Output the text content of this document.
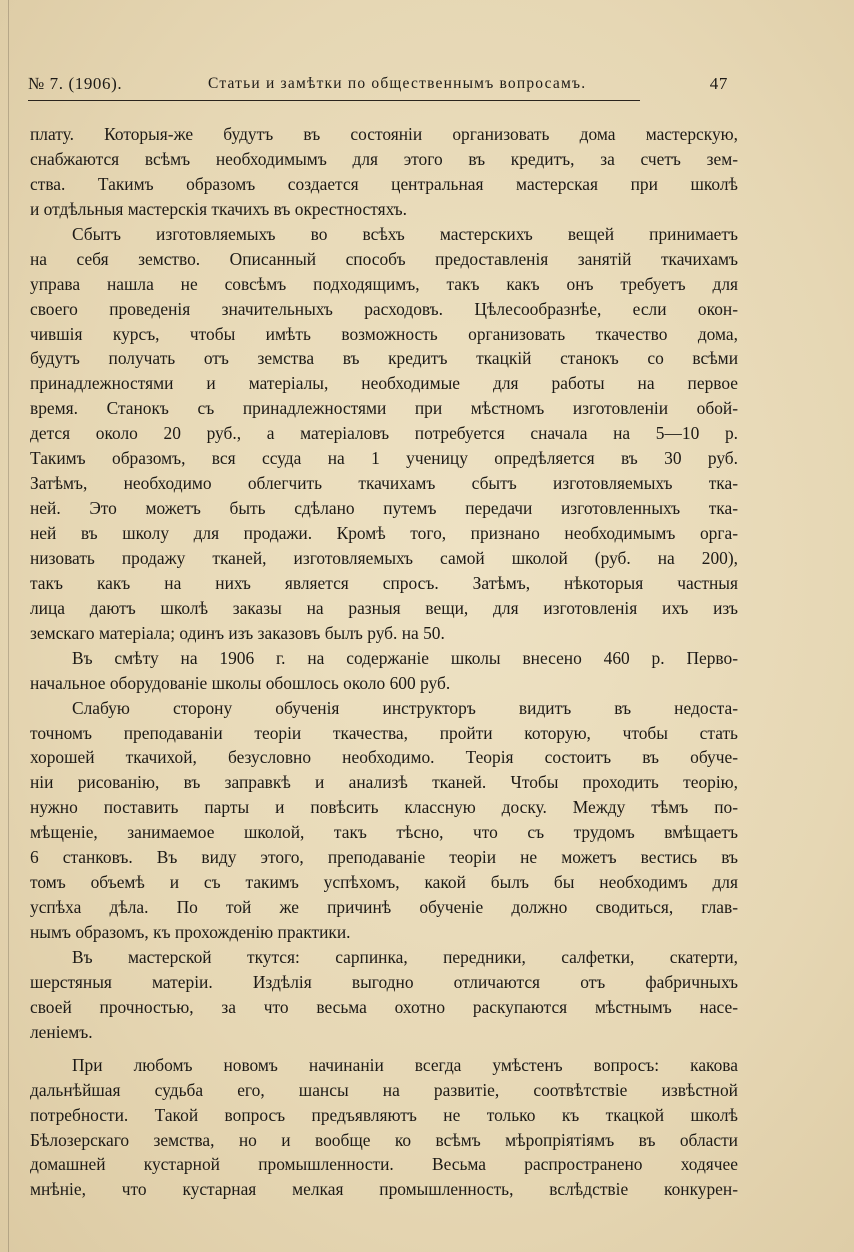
№ 7. (1906).	Статьи и замѣтки по общественнымъ вопросамъ.	47
плату. Которыя-же будутъ въ состоянiи организовать дома мастерскую,
снабжаются всѣмъ необходимымъ для этого въ кредитъ, за счетъ зем-
ства. Такимъ образомъ создается центральная мастерская при школѣ
и отдѣльныя мастерскiя ткачихъ въ окрестностяхъ.
Сбытъ изготовляемыхъ во всѣхъ мастерскихъ вещей принимаетъ
на себя земство. Описанный способъ предоставленiя занятiй ткачихамъ
управа нашла не совсѣмъ подходящимъ, такъ какъ онъ требуетъ для
своего проведенiя значительныхъ расходовъ. Цѣлесообразнѣе, если окон-
чившiя курсъ, чтобы имѣть возможность организовать ткачество дома,
будутъ получать отъ земства въ кредитъ ткацкiй станокъ со всѣми
принадлежностями и матерiалы, необходимые для работы на первое
время. Станокъ съ принадлежностями при мѣстномъ изготовленiи обой-
дется около 20 руб., а матерiаловъ потребуется сначала на 5—10 р.
Такимъ образомъ, вся ссуда на 1 ученицу опредѣляется въ 30 руб.
Затѣмъ, необходимо облегчить ткачихамъ сбытъ изготовляемыхъ тка-
ней. Это можетъ быть сдѣлано путемъ передачи изготовленныхъ тка-
ней въ школу для продажи. Кромѣ того, признано необходимымъ орга-
низовать продажу тканей, изготовляемыхъ самой школой (руб. на 200),
такъ какъ на нихъ является спросъ. Затѣмъ, нѣкоторыя частныя
лица даютъ школѣ заказы на разныя вещи, для изготовленiя ихъ изъ
земскаго матерiала; одинъ изъ заказовъ былъ руб. на 50.
Въ смѣту на 1906 г. на содержанiе школы внесено 460 р. Перво-
начальное оборудованiе школы обошлось около 600 руб.
Слабую сторону обученiя инструкторъ видитъ въ недоста-
точномъ преподаванiи теорiи ткачества, пройти которую, чтобы стать
хорошей ткачихой, безусловно необходимо. Теорiя состоитъ въ обуче-
нiи рисованiю, въ заправкѣ и анализѣ тканей. Чтобы проходить теорiю,
нужно поставить парты и повѣсить классную доску. Между тѣмъ по-
мѣщенiе, занимаемое школой, такъ тѣсно, что съ трудомъ вмѣщаетъ
6 станковъ. Въ виду этого, преподаванiе теорiи не можетъ вестись въ
томъ объемѣ и съ такимъ успѣхомъ, какой былъ бы необходимъ для
успѣха дѣла. По той же причинѣ обученiе должно сводиться, глав-
нымъ образомъ, къ прохожденiю практики.
Въ мастерской ткутся: сарпинка, передники, салфетки, скатерти,
шерстяныя матерiи. Издѣлiя выгодно отличаются отъ фабричныхъ
своей прочностью, за что весьма охотно раскупаются мѣстнымъ насе-
ленiемъ.
При любомъ новомъ начинанiи всегда умѣстенъ вопросъ: какова
дальнѣйшая судьба его, шансы на развитiе, соотвѣтствiе извѣстной
потребности. Такой вопросъ предъявляютъ не только къ ткацкой школѣ
Бѣлозерскаго земства, но и вообще ко всѣмъ мѣропрiятiямъ въ области
домашней кустарной промышленности. Весьма распространено ходячее
мнѣнiе, что кустарная мелкая промышленность, вслѣдствiе конкурен-
